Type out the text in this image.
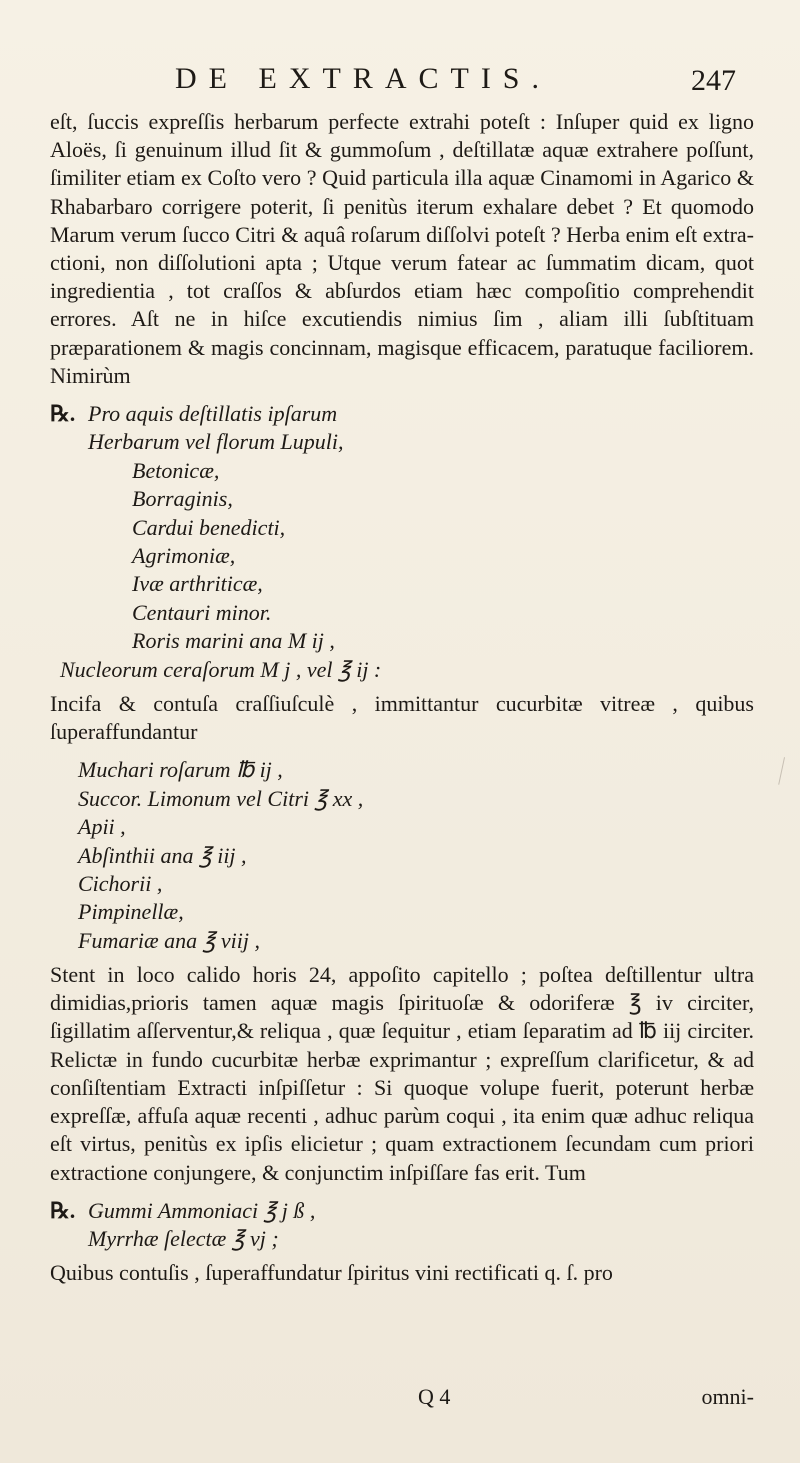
DE EXTRACTIS.	247

eſt, ſuccis expreſſis herbarum perfecte extrahi poteſt : Inſuper quid ex ligno Aloës, ſi genuinum illud ſit & gummoſum , deſtillatæ aquæ extrahere poſſunt, ſimiliter etiam ex Coſto vero ? Quid particula illa aquæ Cinamomi in Agarico & Rhabarbaro corrigere poterit, ſi penitùs iterum exhalare debet ? Et quomodo Marum verum ſucco Citri & aquâ roſarum diſſolvi poteſt ? Herba enim eſt extractioni, non diſſolutioni apta ; Utque verum fatear ac ſummatim dicam, quot ingredientia , tot craſſos & abſurdos etiam hæc compoſitio comprehendit errores. Aſt ne in hiſce excutiendis nimius ſim , aliam illi ſubſtituam præparationem & magis concinnam, magisque efficacem, paratuque faciliorem. Nimirùm

℞. Pro aquis deſtillatis ipſarum
Herbarum vel florum Lupuli,
Betonicæ,
Borraginis,
Cardui benedicti,
Agrimoniæ,
Ivæ arthriticæ,
Centauri minor.
Roris marini ana M ij ,
Nucleorum ceraſorum M j , vel ℥ ij :

Incifa & contuſa craſſiuſculè , immittantur cucurbitæ vitreæ , quibus ſuperaffundantur

Muchari roſarum ℔ ij ,
Succor. Limonum vel Citri ℥ xx ,
Apii ,
Abſinthii ana ℥ iij ,
Cichorii ,
Pimpinellæ,
Fumariæ ana ℥ viij ,

Stent in loco calido horis 24, appoſito capitello ; poſtea deſtillentur ultra dimidias,prioris tamen aquæ magis ſpirituoſæ & odoriferæ ℥ iv circiter, ſigillatim aſſerventur,& reliqua , quæ ſequitur , etiam ſeparatim ad ℔ iij circiter. Relictæ in fundo cucurbitæ herbæ exprimantur ; expreſſum clarificetur, & ad conſiſtentiam Extracti inſpiſſetur : Si quoque volupe fuerit, poterunt herbæ expreſſæ, affuſa aquæ recenti , adhuc parùm coqui , ita enim quæ adhuc reliqua eſt virtus, penitùs ex ipſis elicietur ; quam extractionem ſecundam cum priori extractione conjungere, & conjunctim inſpiſſare fas erit. Tum

℞. Gummi Ammoniaci ℥ j ß ,
Myrrhæ ſelectæ ℥ vj ;

Quibus contuſis , ſuperaffundatur ſpiritus vini rectificati q. ſ. pro

Q 4	omni-
